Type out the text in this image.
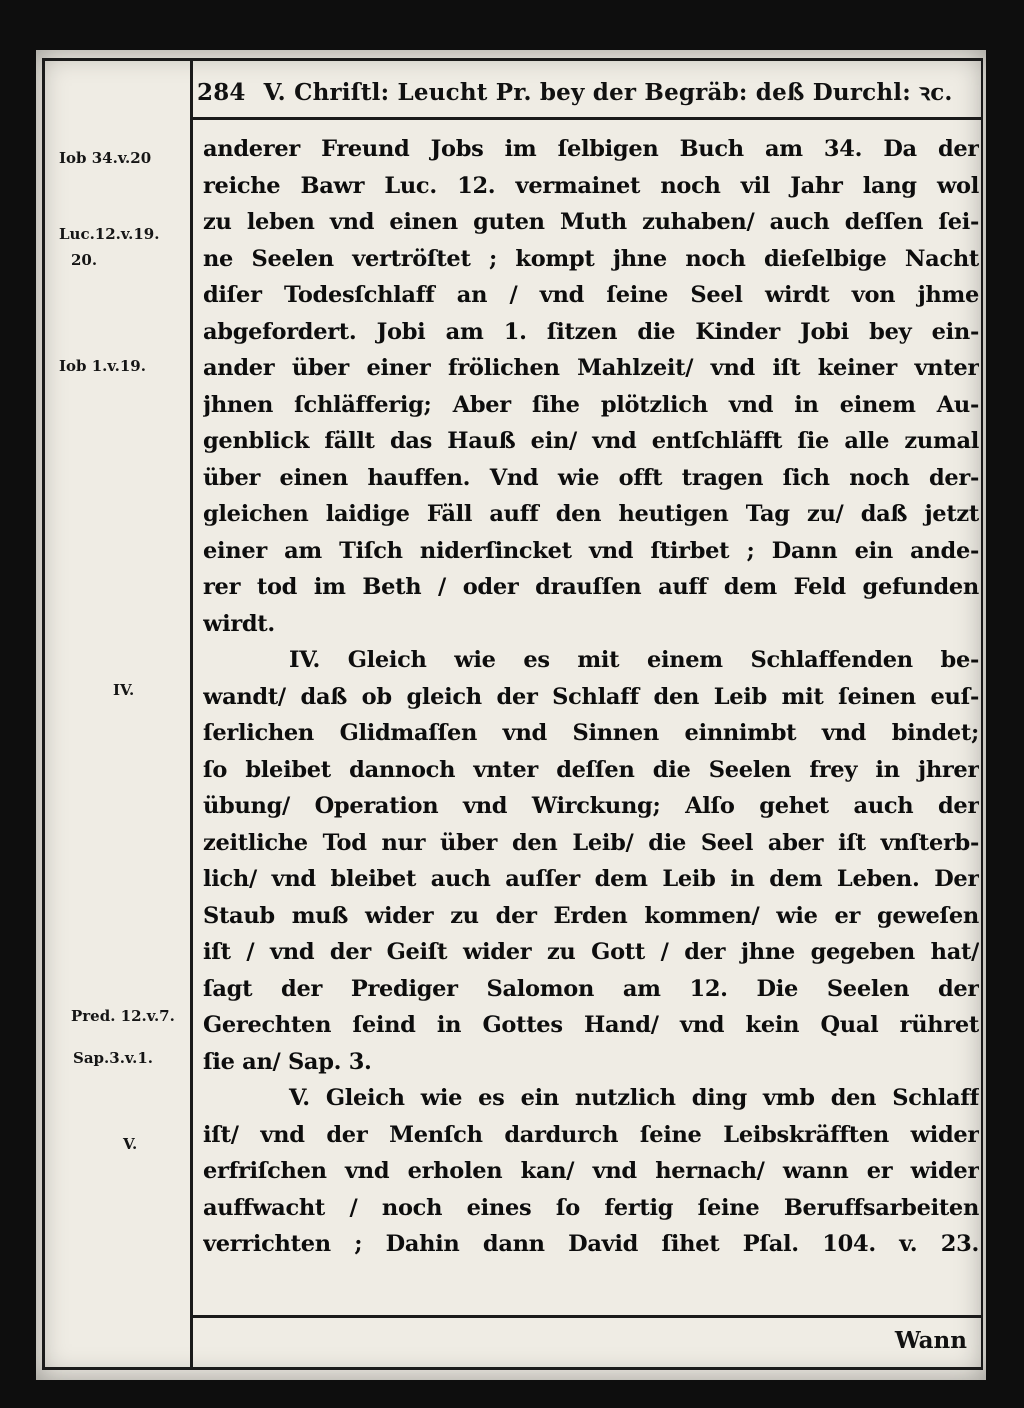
284 V. Chriſtl: Leucht Pr. bey der Begräb: deß Durchl: ꝛc.
Iob 34.v.20
Luc.12.v.19.
20.
Iob 1.v.19.
IV.
Pred. 12.v.7.
Sap.3.v.1.
V.
anderer Freund Jobs im ſelbigen Buch am 34. Da der
reiche Bawr Luc. 12. vermainet noch vil Jahr lang wol
zu leben vnd einen guten Muth zuhaben/ auch deſſen ſei-
ne Seelen vertröſtet ; kompt jhne noch dieſelbige Nacht
diſer Todesſchlaff an / vnd ſeine Seel wirdt von jhme
abgefordert. Jobi am 1. ſitzen die Kinder Jobi bey ein-
ander über einer frölichen Mahlzeit/ vnd iſt keiner vnter
jhnen ſchläfferig; Aber ſihe plötzlich vnd in einem Au-
genblick fällt das Hauß ein/ vnd entſchläfft ſie alle zumal
über einen hauffen. Vnd wie offt tragen ſich noch der-
gleichen laidige Fäll auff den heutigen Tag zu/ daß jetzt
einer am Tiſch niderſincket vnd ſtirbet ; Dann ein ande-
rer tod im Beth / oder drauſſen auff dem Feld gefunden
wirdt.
IV. Gleich wie es mit einem Schlaffenden be-
wandt/ daß ob gleich der Schlaff den Leib mit ſeinen euſ-
ſerlichen Glidmaſſen vnd Sinnen einnimbt vnd bindet;
ſo bleibet dannoch vnter deſſen die Seelen frey in jhrer
übung/ Operation vnd Wirckung; Alſo gehet auch der
zeitliche Tod nur über den Leib/ die Seel aber iſt vnſterb-
lich/ vnd bleibet auch auſſer dem Leib in dem Leben. Der
Staub muß wider zu der Erden kommen/ wie er geweſen
iſt / vnd der Geiſt wider zu Gott / der jhne gegeben hat/
ſagt der Prediger Salomon am 12. Die Seelen der
Gerechten ſeind in Gottes Hand/ vnd kein Qual rühret
ſie an/ Sap. 3.
V. Gleich wie es ein nutzlich ding vmb den Schlaff
iſt/ vnd der Menſch dardurch ſeine Leibskräfften wider
erfriſchen vnd erholen kan/ vnd hernach/ wann er wider
auffwacht / noch eines ſo fertig ſeine Beruffsarbeiten
verrichten ; Dahin dann David ſihet Pſal. 104. v. 23.
Wann
